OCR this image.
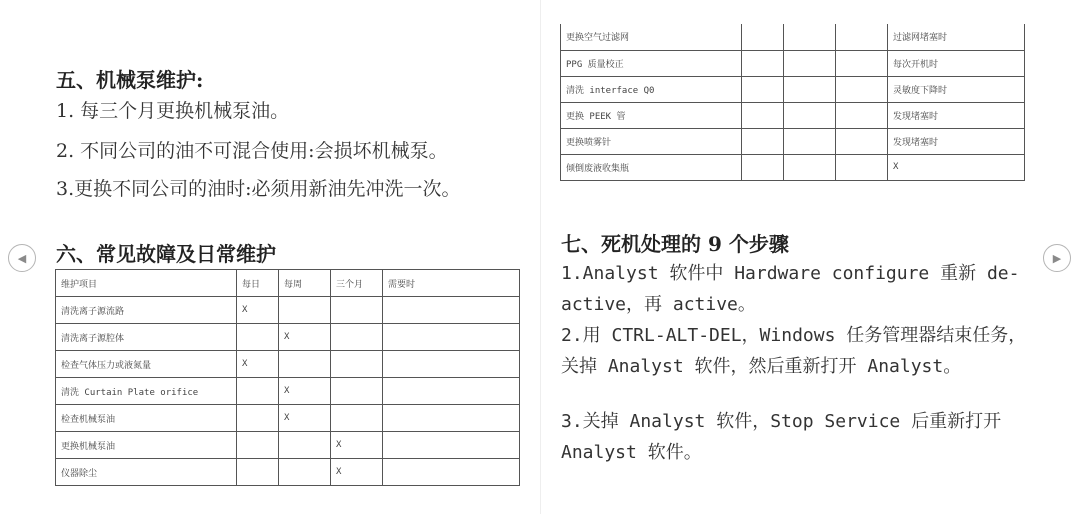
◀	▶
五、机械泵维护:
1. 每三个月更换机械泵油。
2. 不同公司的油不可混合使用:会损坏机械泵。
3.更换不同公司的油时:必须用新油先冲洗一次。
六、常见故障及日常维护
维护项目	每日	每周	三个月	需要时
清洗离子源流路	X			
清洗离子源腔体		X		
检查气体压力或液氮量	X			
清洗 Curtain Plate orifice		X		
检查机械泵油		X		
更换机械泵油			X	
仪器除尘			X	
更换空气过滤网				过滤网堵塞时
PPG 质量校正				每次开机时
清洗 interface Q0				灵敏度下降时
更换 PEEK 管				发现堵塞时
更换喷雾针				发现堵塞时
倾倒废液收集瓶				X
七、死机处理的 9 个步骤
1.Analyst 软件中 Hardware configure 重新 de-active，再 active。
2.用 CTRL-ALT-DEL，Windows 任务管理器结束任务，关掉 Analyst 软件，然后重新打开 Analyst。
3.关掉 Analyst 软件，Stop Service 后重新打开 Analyst 软件。
